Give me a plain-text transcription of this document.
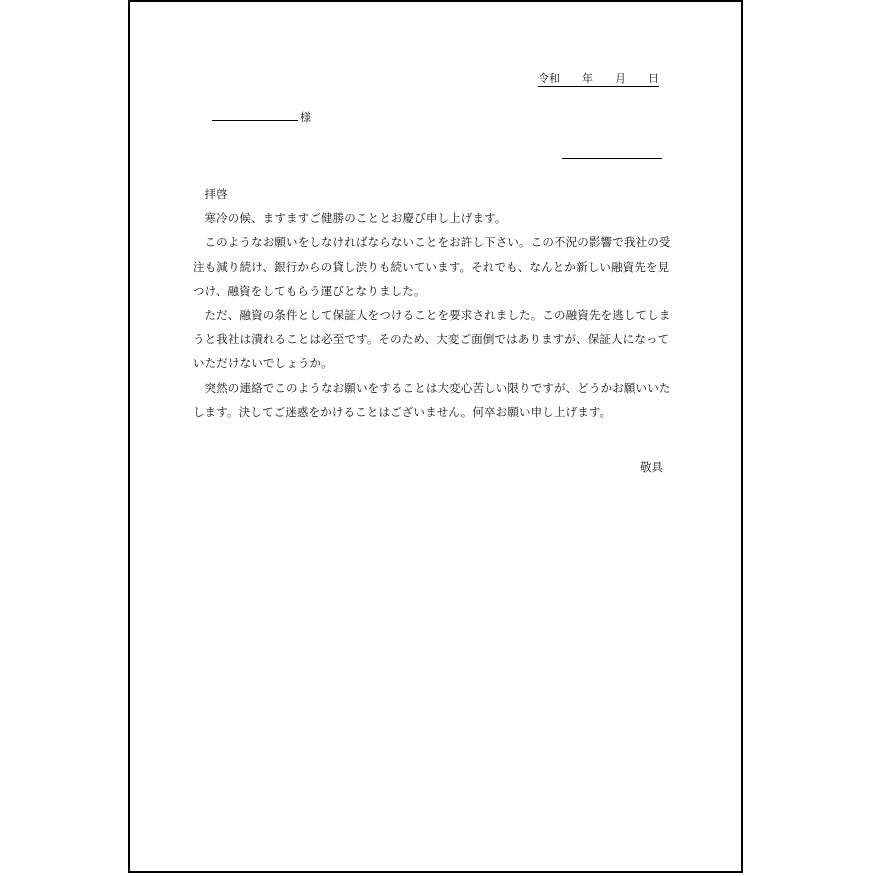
令和 年 月 日
様

拝啓

寒冷の候、ますますご健勝のこととお慶び申し上げます。

このようなお願いをしなければならないことをお許し下さい。この不況の影響で我社の受注も減り続け、銀行からの貸し渋りも続いています。それでも、なんとか新しい融資先を見つけ、融資をしてもらう運びとなりました。

ただ、融資の条件として保証人をつけることを要求されました。この融資先を逃してしまうと我社は潰れることは必至です。そのため、大変ご面倒ではありますが、保証人になっていただけないでしょうか。

突然の連絡でこのようなお願いをすることは大変心苦しい限りですが、どうかお願いいたします。決してご迷惑をかけることはございません。何卒お願い申し上げます。

敬具
